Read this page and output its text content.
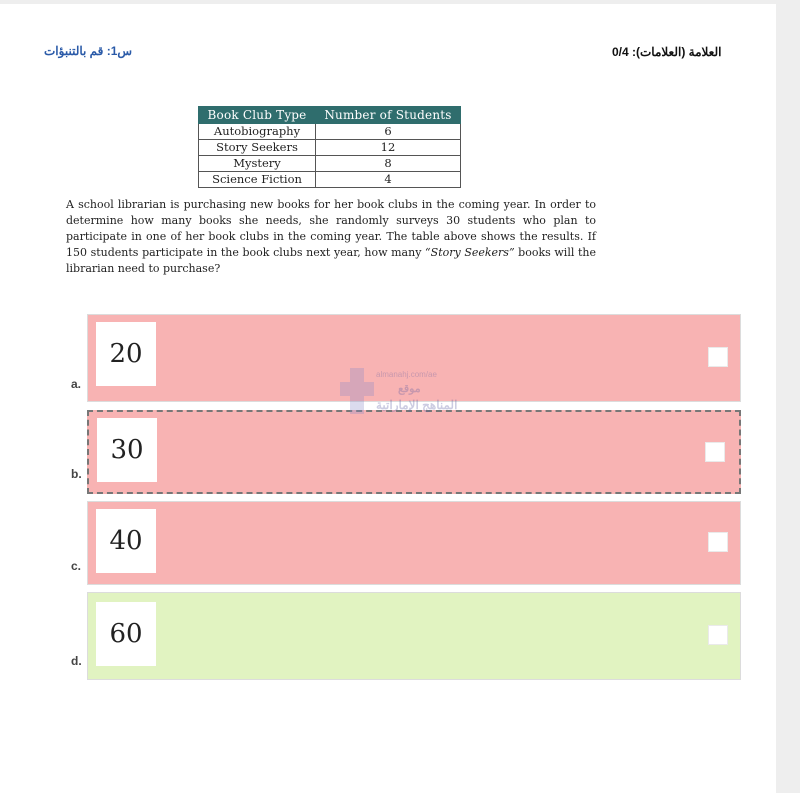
س1: قم بالتنبؤات	العلامة (العلامات): 0/4
Book Club Type	Number of Students
Autobiography	6
Story Seekers	12
Mystery	8
Science Fiction	4
A school librarian is purchasing new books for her book clubs in the coming year. In order to determine how many books she needs, she randomly surveys 30 students who plan to participate in one of her book clubs in the coming year. The table above shows the results. If 150 students participate in the book clubs next year, how many “Story Seekers” books will the librarian need to purchase?
20
a.
30
b.
40
c.
60
d.
almanahj.com/ae
موقع
المناهج الإماراتية
